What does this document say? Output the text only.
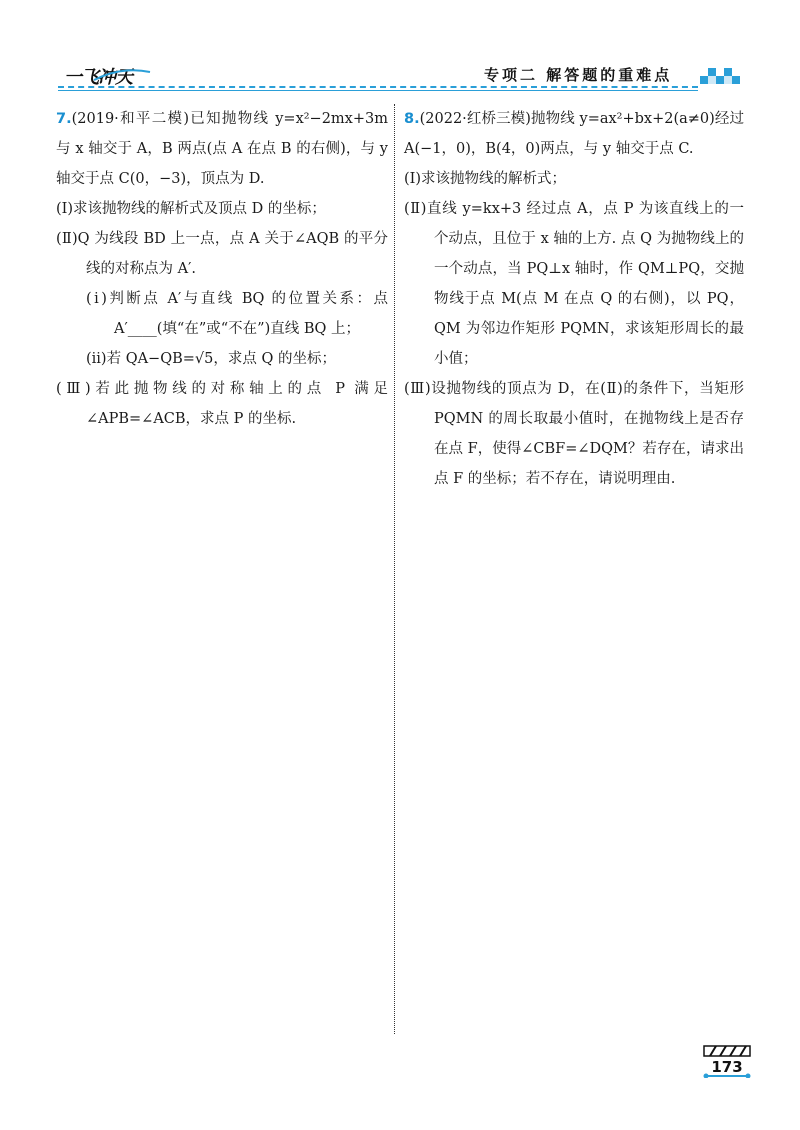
一飞冲天	专项二 解答题的重难点

7.(2019·和平二模)已知抛物线 y=x²−2mx+3m 与 x 轴交于 A，B 两点(点 A 在点 B 的右侧)，与 y 轴交于点 C(0，−3)，顶点为 D.

(Ⅰ)求该抛物线的解析式及顶点 D 的坐标；

(Ⅱ)Q 为线段 BD 上一点，点 A 关于∠AQB 的平分线的对称点为 A′.

(ⅰ)判断点 A′与直线 BQ 的位置关系：点 A′____(填“在”或“不在”)直线 BQ 上；

(ⅱ)若 QA−QB=√5，求点 Q 的坐标；

(Ⅲ)若此抛物线的对称轴上的点 P 满足∠APB=∠ACB，求点 P 的坐标.

8.(2022·红桥三模)抛物线 y=ax²+bx+2(a≠0)经过 A(−1，0)，B(4，0)两点，与 y 轴交于点 C.

(Ⅰ)求该抛物线的解析式；

(Ⅱ)直线 y=kx+3 经过点 A，点 P 为该直线上的一个动点，且位于 x 轴的上方. 点 Q 为抛物线上的一个动点，当 PQ⊥x 轴时，作 QM⊥PQ，交抛物线于点 M(点 M 在点 Q 的右侧)，以 PQ，QM 为邻边作矩形 PQMN，求该矩形周长的最小值；

(Ⅲ)设抛物线的顶点为 D，在(Ⅱ)的条件下，当矩形 PQMN 的周长取最小值时，在抛物线上是否存在点 F，使得∠CBF=∠DQM？若存在，请求出点 F 的坐标；若不存在，请说明理由.

173
